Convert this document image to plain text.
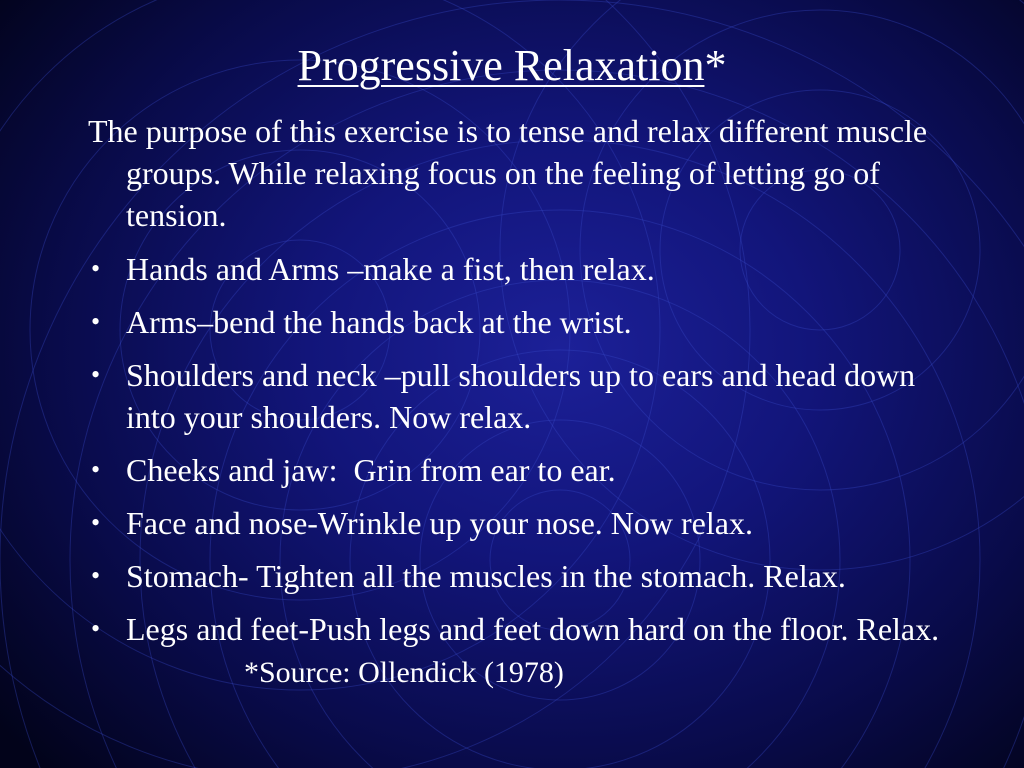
Progressive Relaxation*
The purpose of this exercise is to tense and relax different muscle groups. While relaxing focus on the feeling of letting go of tension.
• Hands and Arms –make a fist, then relax.
• Arms–bend the hands back at the wrist.
• Shoulders and neck –pull shoulders up to ears and head down into your shoulders. Now relax.
• Cheeks and jaw:  Grin from ear to ear.
• Face and nose-Wrinkle up your nose. Now relax.
• Stomach- Tighten all the muscles in the stomach. Relax.
• Legs and feet-Push legs and feet down hard on the floor. Relax.*Source: Ollendick (1978)
